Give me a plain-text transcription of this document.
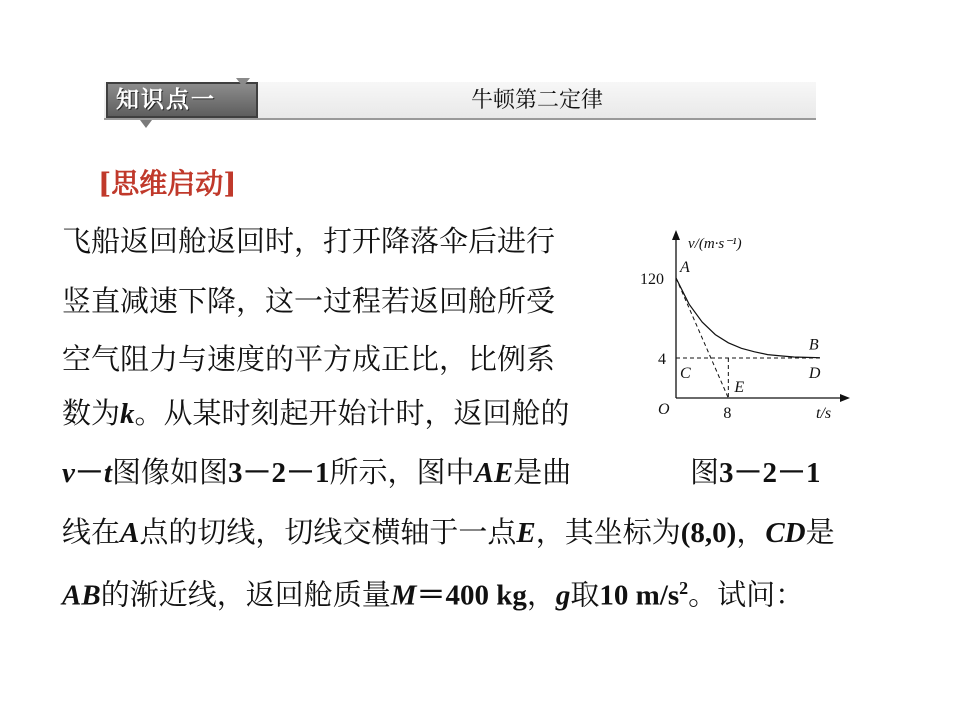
知识点一	牛顿第二定律
[思维启动]
飞船返回舱返回时，打开降落伞后进行
竖直减速下降，这一过程若返回舱所受
空气阻力与速度的平方成正比，比例系
数为k。从某时刻起开始计时，返回舱的
v－t图像如图3－2－1所示，图中AE是曲
线在A点的切线，切线交横轴于一点E，其坐标为(8,0)，CD是
AB的渐近线，返回舱质量M＝400 kg，g取10 $m/s^2$。试问：
图3－2－1
v/(m·s⁻¹)
t/s
O
120
4
8
A
B
C	D
E
